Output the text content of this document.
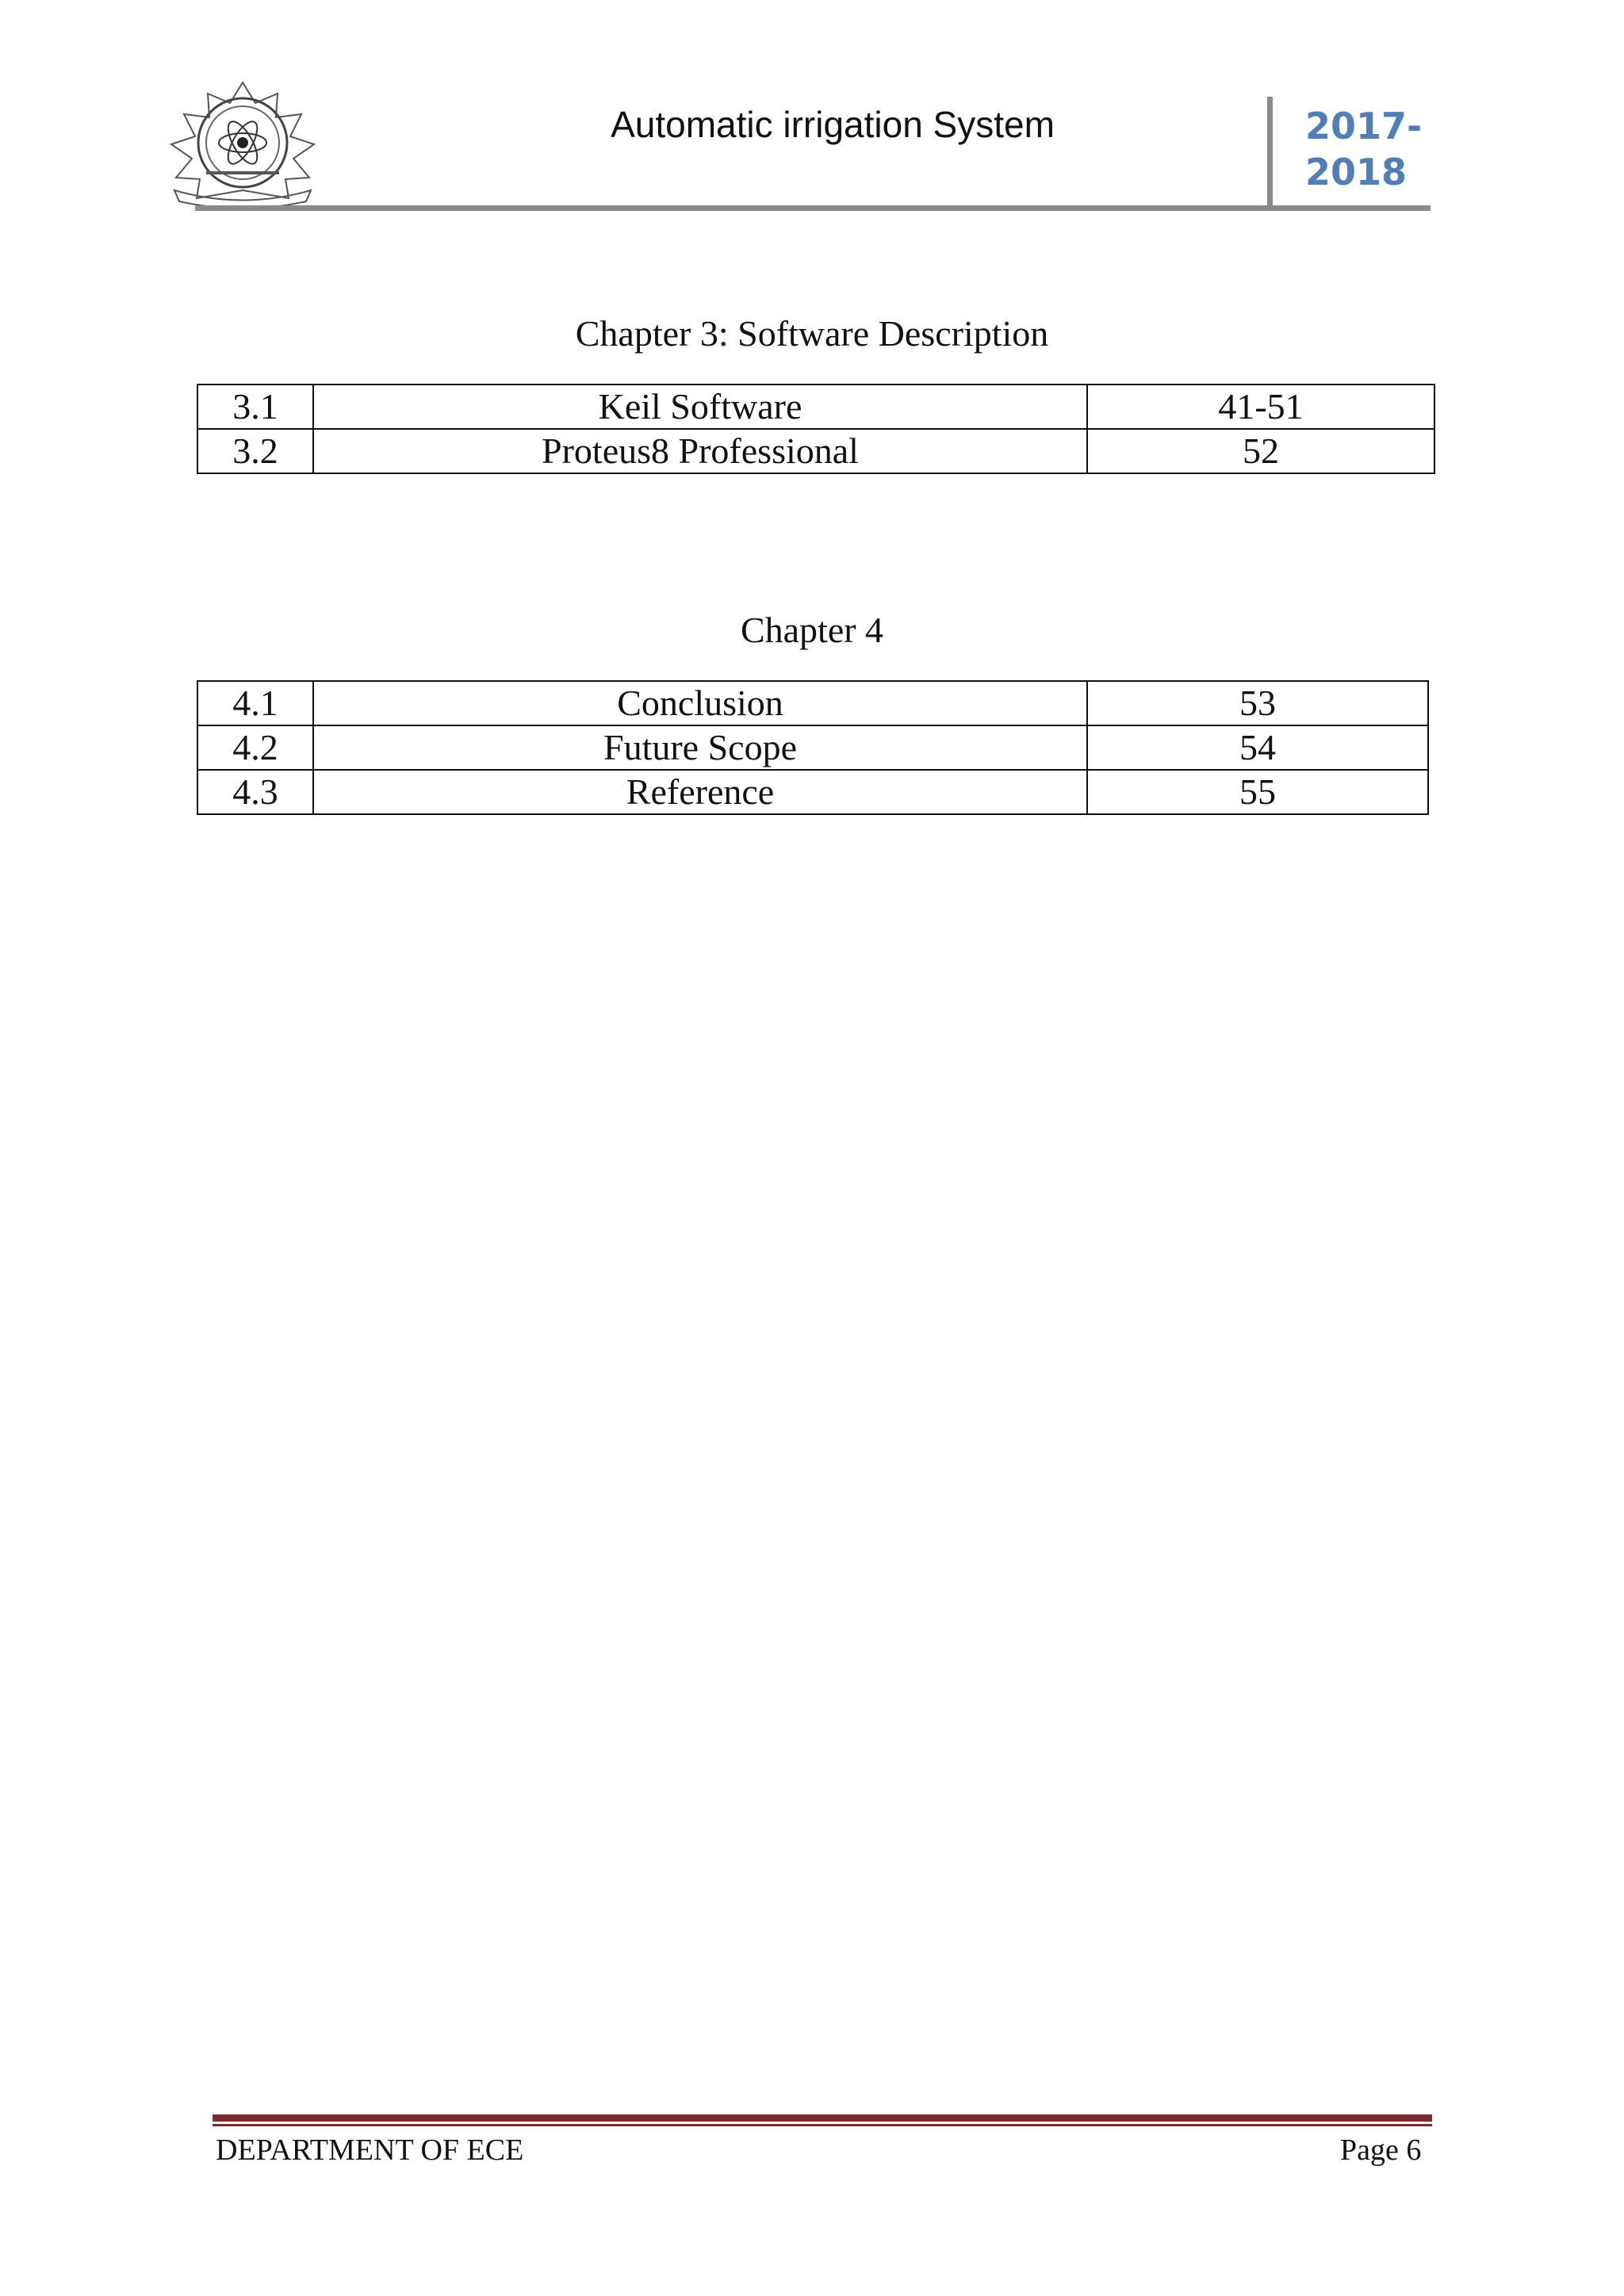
Automatic irrigation System	2017-
2018
Chapter 3: Software Description
3.1	Keil Software	41-51
3.2	Proteus8 Professional	52
Chapter 4
4.1	Conclusion	53
4.2	Future Scope	54
4.3	Reference	55
DEPARTMENT OF ECE	Page 6
